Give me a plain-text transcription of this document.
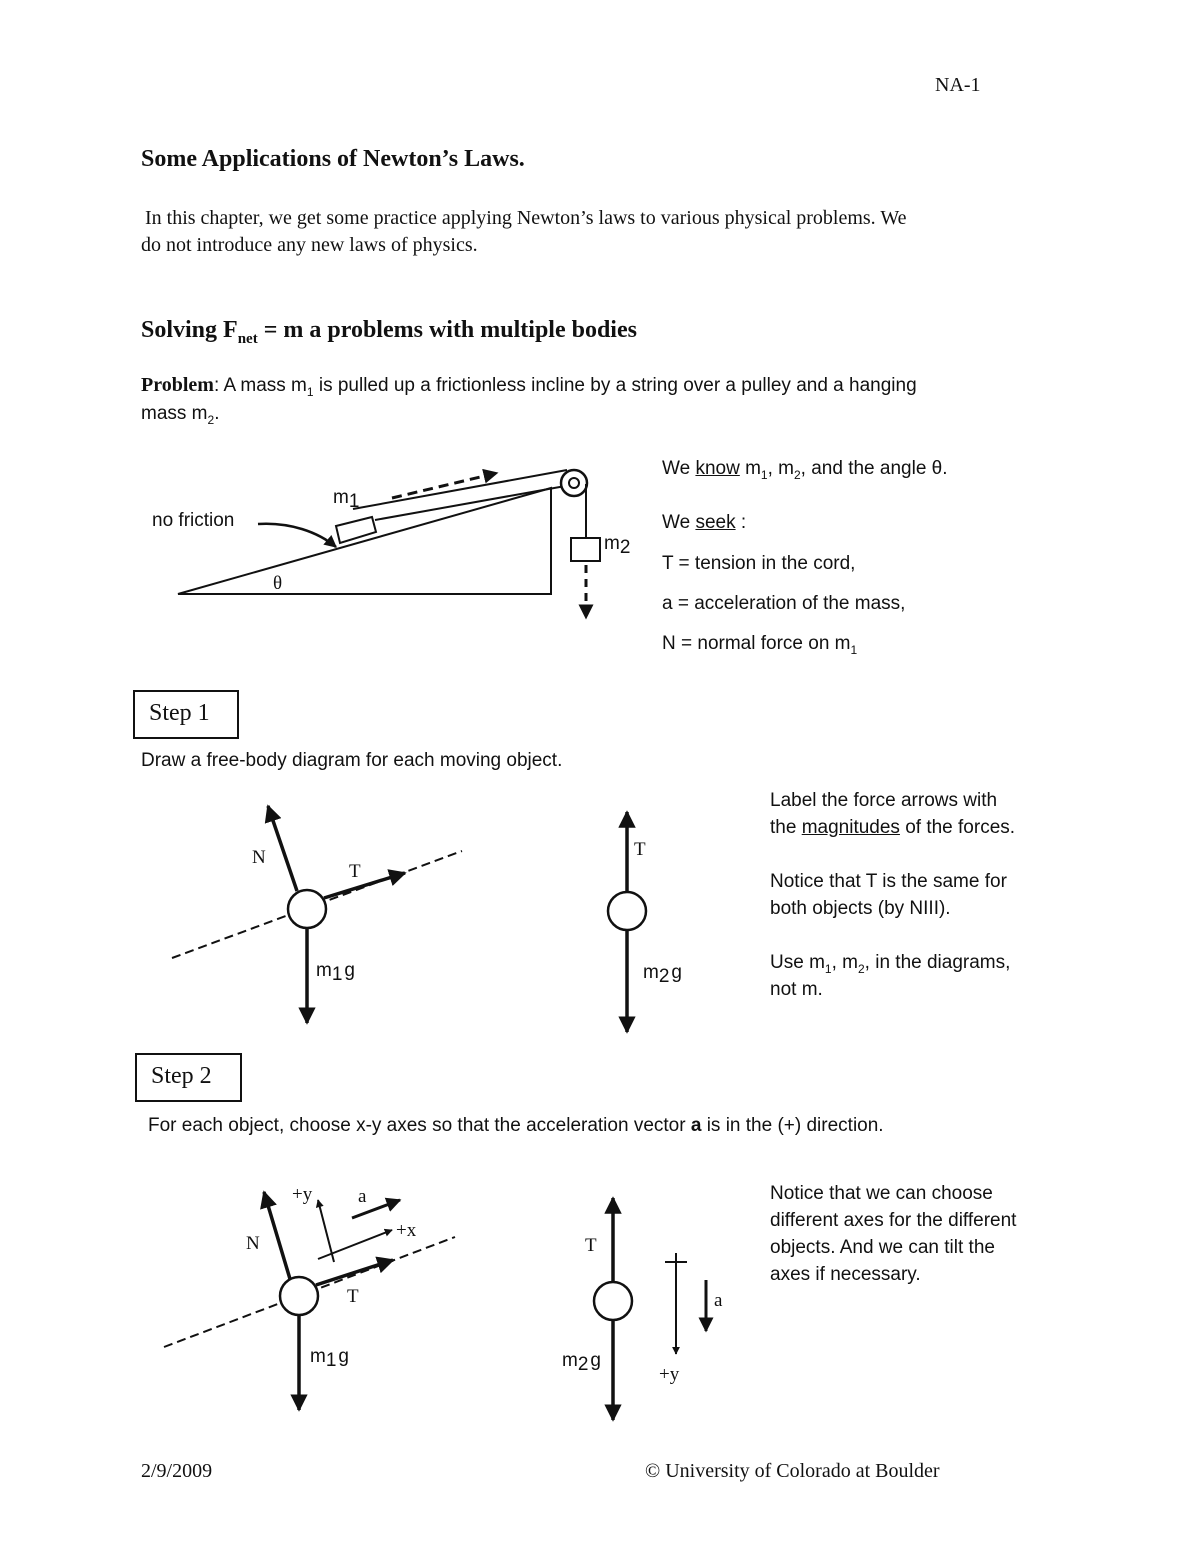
NA-1
Some Applications of Newton’s Laws.
In this chapter, we get some practice applying Newton’s laws to various physical problems. We
do not introduce any new laws of physics.
Solving $F_{net} = m$ a problems with multiple bodies
Problem: A mass $m_1$ is pulled up a frictionless incline by a string over a pulley and a hanging
mass $m_2$.
no friction
m1
m2
θ
We know $m_1$, $m_2$, and the angle θ.
We seek :
T = tension in the cord,
a = acceleration of the mass,
N = normal force on $m_1$
Step 1
Draw a free-body diagram for each moving object.
N
T
m1 g
T
m2 g
Label the force arrows with
the magnitudes of the forces.
Notice that T is the same for
both objects (by NIII).
Use $m_1$, $m_2$, in the diagrams,
not m.
Step 2
For each object, choose x-y axes so that the acceleration vector a is in the (+) direction.
N
+y a
+x
T
m1 g
T
a
+y
m2 g
Notice that we can choose
different axes for the different
objects. And we can tilt the
axes if necessary.
2/9/2009	© University of Colorado at Boulder
